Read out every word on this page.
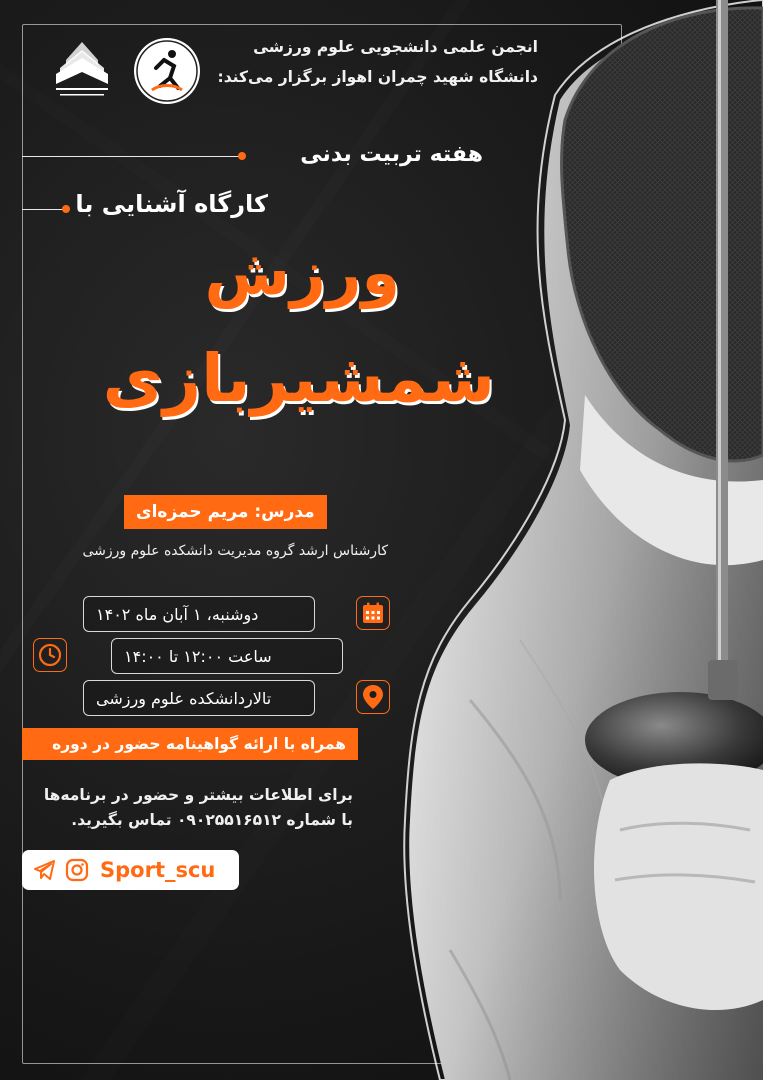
انجمن علمی دانشجویی علوم ورزشی
دانشگاه شهید چمران اهواز برگزار می‌کند:
هفته تربیت بدنی
کارگاه آشنایی با
ورزش
شمشیربازی
مدرس: مریم حمزه‌ای
کارشناس ارشد گروه مدیریت دانشکده علوم ورزشی
دوشنبه، ۱ آبان ماه ۱۴۰۲
ساعت ۱۲:۰۰ تا ۱۴:۰۰
تالاردانشکده علوم ورزشی
همراه با ارائه گواهینامه حضور در دوره
برای اطلاعات بیشتر و حضور در برنامه‌ها
با شماره ۰۹۰۲۵۵۱۶۵۱۲ تماس بگیرید.
Sport_scu
